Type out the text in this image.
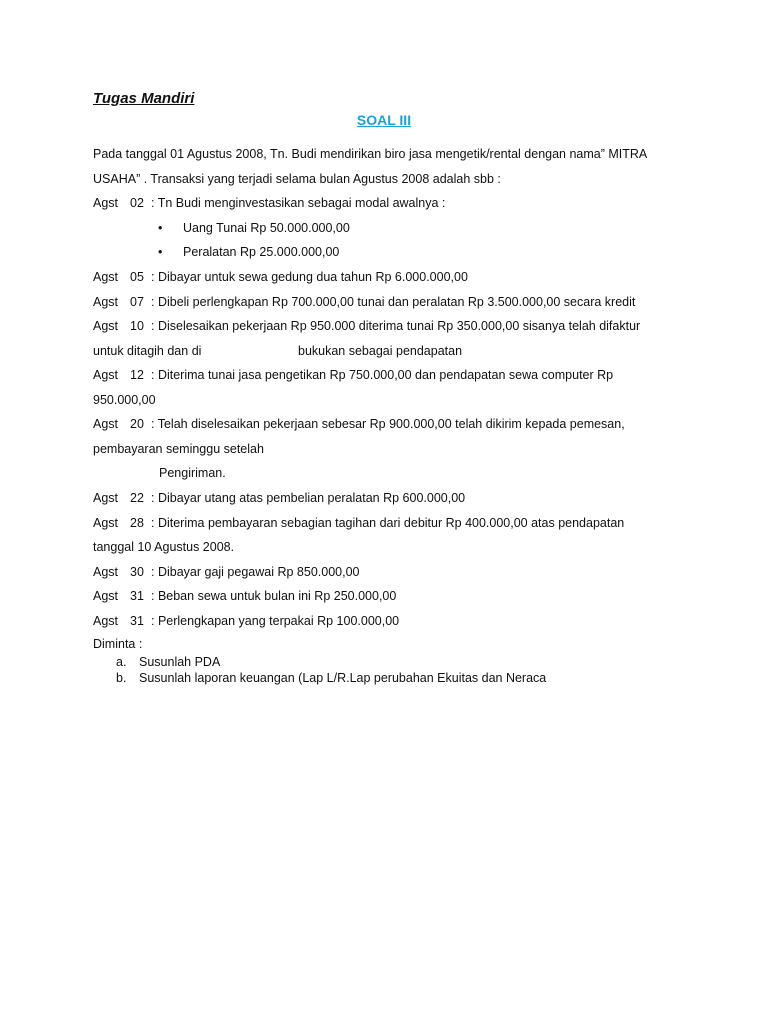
Tugas Mandiri
SOAL III
Pada tanggal 01 Agustus 2008, Tn. Budi mendirikan biro jasa mengetik/rental dengan nama” MITRA
USAHA” . Transaksi yang terjadi selama bulan Agustus 2008 adalah sbb :
Agst 02 : Tn Budi menginvestasikan sebagai modal awalnya :
• Uang Tunai Rp 50.000.000,00
• Peralatan Rp 25.000.000,00
Agst 05 : Dibayar untuk sewa gedung dua tahun Rp 6.000.000,00
Agst 07 : Dibeli perlengkapan Rp 700.000,00 tunai dan peralatan Rp 3.500.000,00 secara kredit
Agst 10 : Diselesaikan pekerjaan Rp 950.000 diterima tunai Rp 350.000,00 sisanya telah difaktur
untuk ditagih dan di	bukukan sebagai pendapatan
Agst 12 : Diterima tunai jasa pengetikan Rp 750.000,00 dan pendapatan sewa computer Rp
950.000,00
Agst 20 : Telah diselesaikan pekerjaan sebesar Rp 900.000,00 telah dikirim kepada pemesan,
pembayaran seminggu setelah
Pengiriman.
Agst 22 : Dibayar utang atas pembelian peralatan Rp 600.000,00
Agst 28 : Diterima pembayaran sebagian tagihan dari debitur Rp 400.000,00 atas pendapatan
tanggal 10 Agustus 2008.
Agst 30 : Dibayar gaji pegawai Rp 850.000,00
Agst 31 : Beban sewa untuk bulan ini Rp 250.000,00
Agst 31 : Perlengkapan yang terpakai Rp 100.000,00
Diminta :
a. Susunlah PDA
b. Susunlah laporan keuangan (Lap L/R.Lap perubahan Ekuitas dan Neraca
